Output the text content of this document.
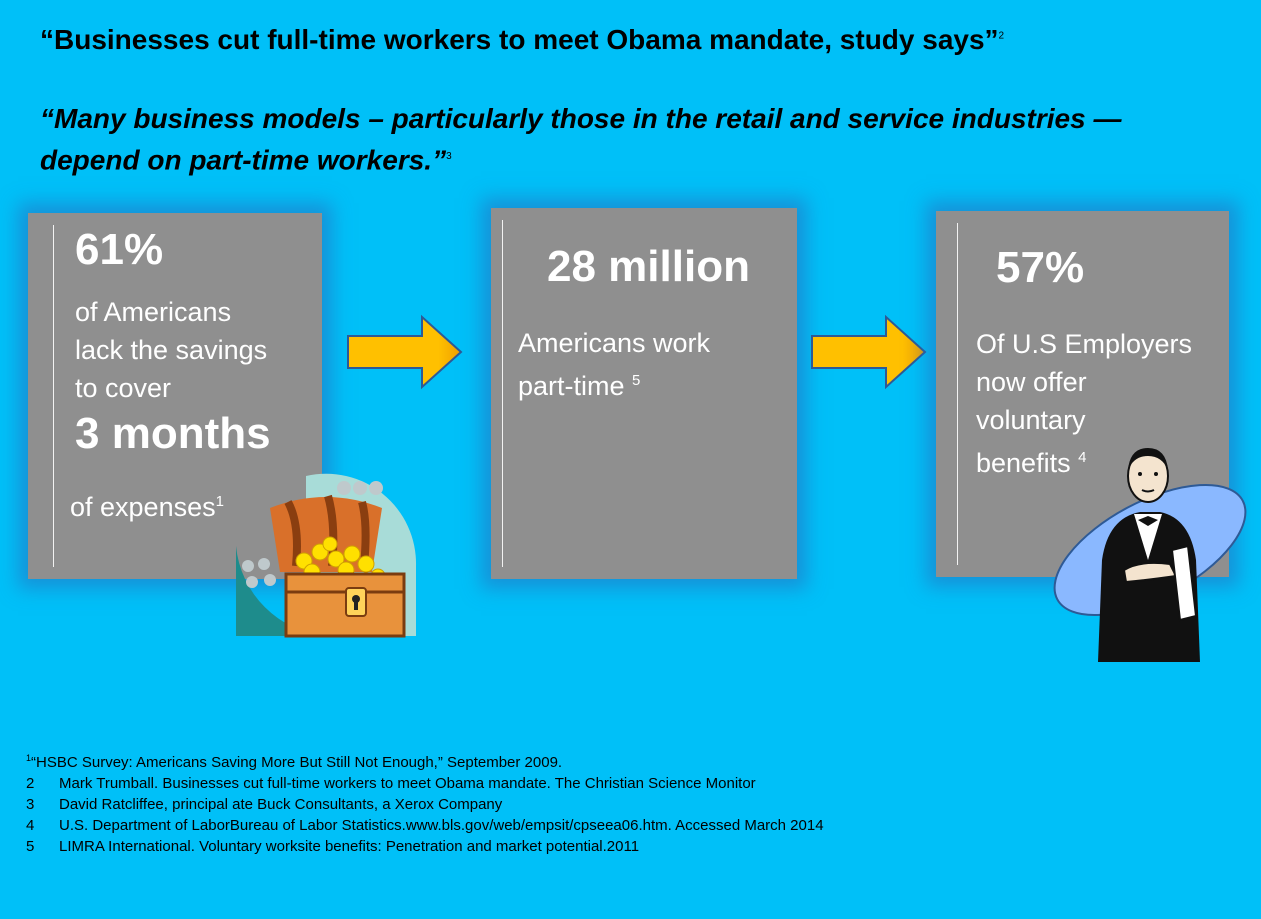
“Businesses cut full-time workers to meet Obama mandate, study says”$^2$

“Many business models – particularly those in the retail and service industries — depend on part-time workers.”$^3$

61%
of Americans
lack the savings
to cover
3 months
of expenses$^1$
28 million
Americans work
part-time $^5$
57%
Of U.S Employers
now offer
voluntary
benefits $^4$
$^1$“HSBC Survey: Americans Saving More But Still Not Enough,” September 2009.
2 Mark Trumball. Businesses cut full-time workers to meet Obama mandate. The Christian Science Monitor
3 David Ratcliffee, principal ate Buck Consultants, a Xerox Company
4 U.S. Department of LaborBureau of Labor Statistics.www.bls.gov/web/empsit/cpseea06.htm. Accessed March 2014
5 LIMRA International. Voluntary worksite benefits: Penetration and market potential.2011
